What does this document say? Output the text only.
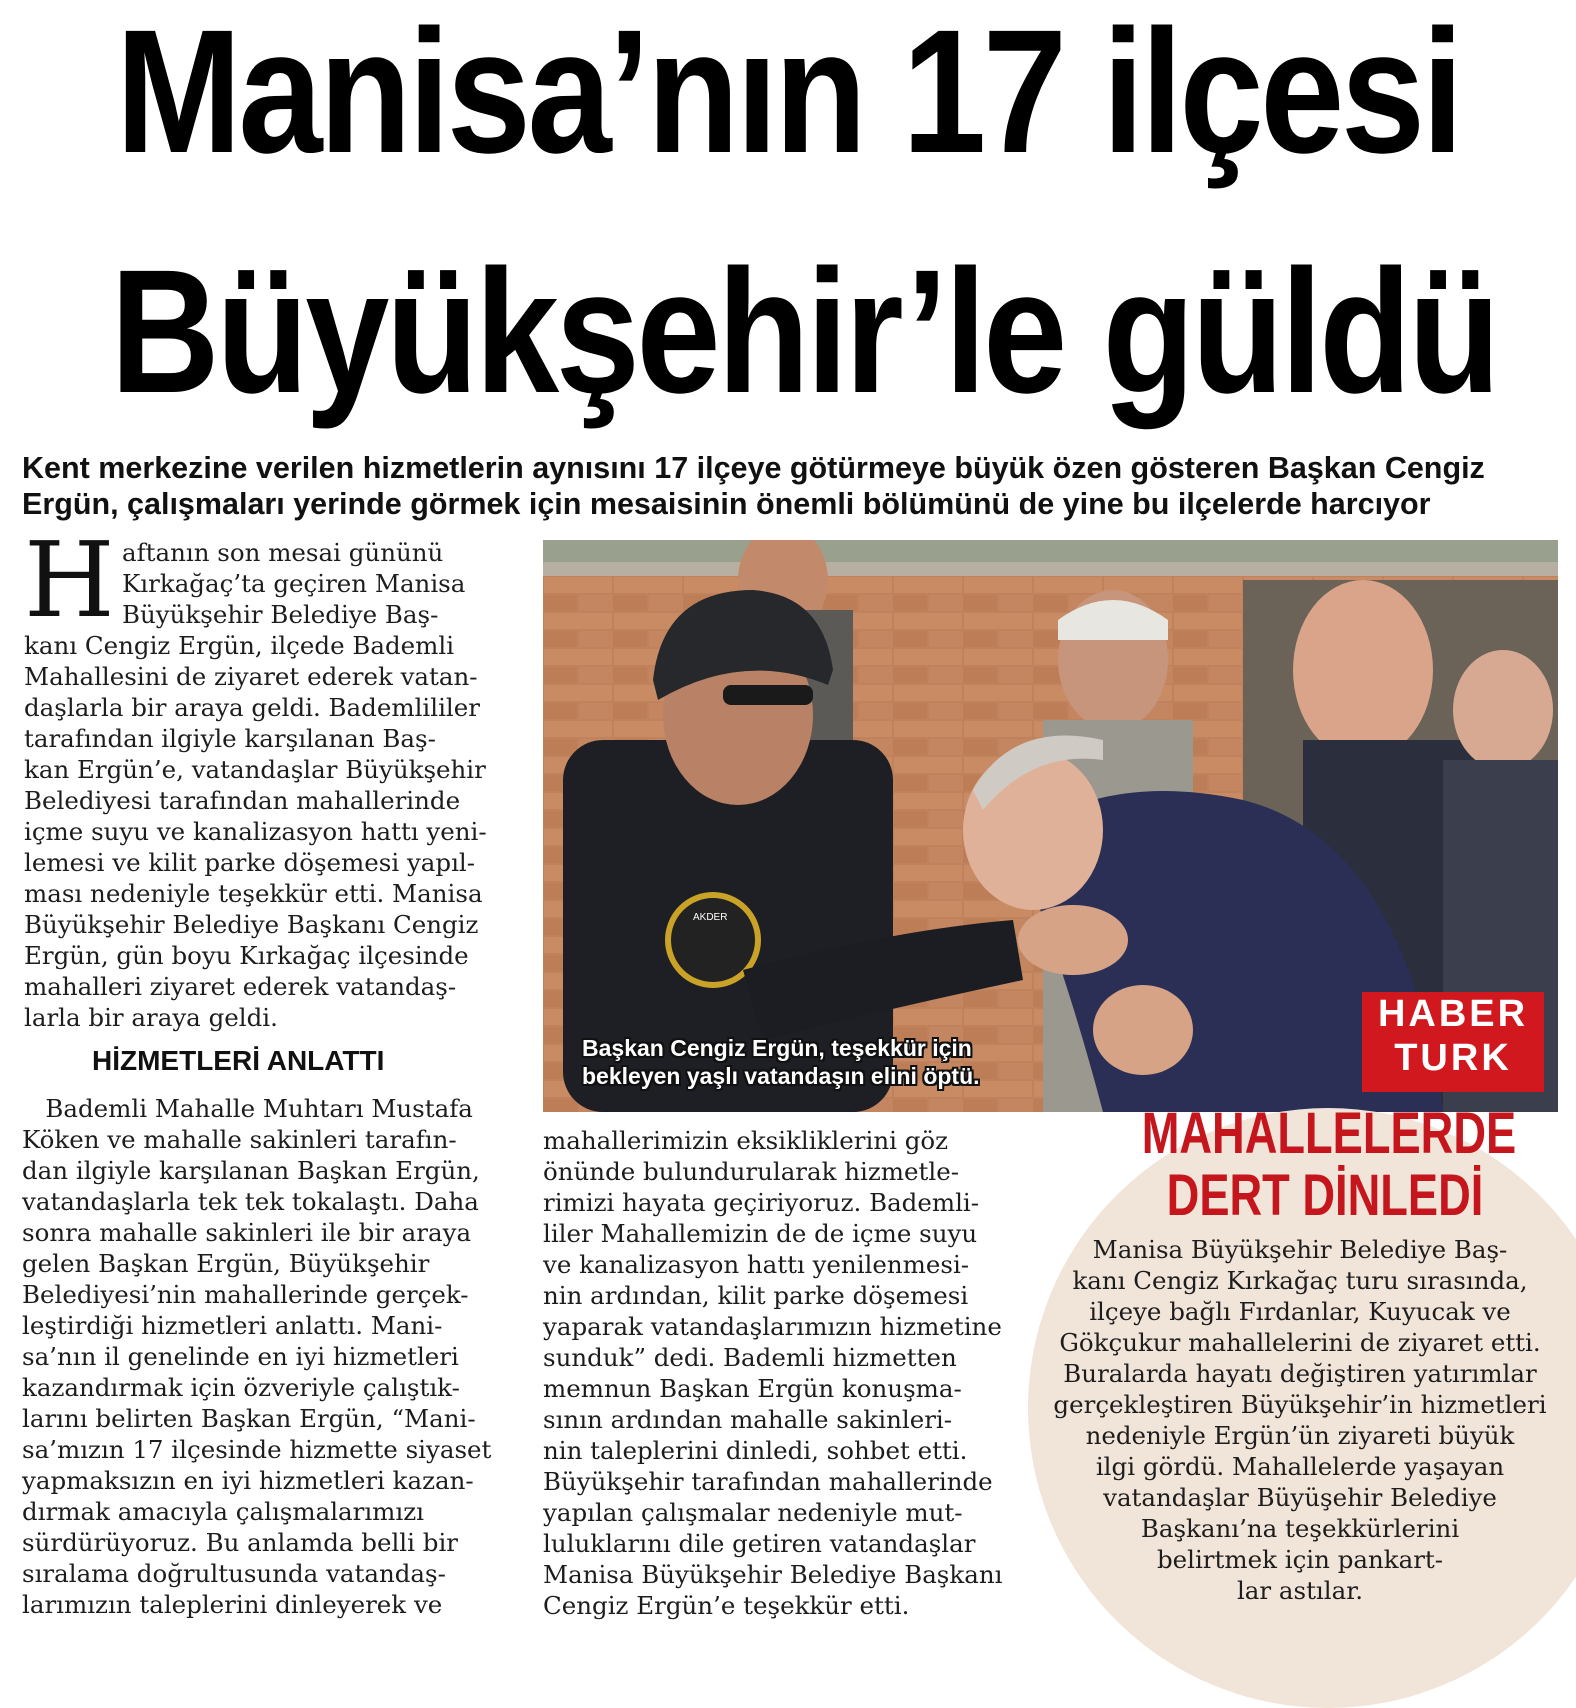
Manisa’nın 17 ilçesi
Büyükşehir’le güldü
Kent merkezine verilen hizmetlerin aynısını 17 ilçeye götürmeye büyük özen gösteren Başkan Cengiz
Ergün, çalışmaları yerinde görmek için mesaisinin önemli bölümünü de yine bu ilçelerde harcıyor
H aftanın son mesai gününü
Kırkağaç’ta geçiren Manisa
Büyükşehir Belediye Baş-
kanı Cengiz Ergün, ilçede Bademli
Mahallesini de ziyaret ederek vatan-
daşlarla bir araya geldi. Bademlililer
tarafından ilgiyle karşılanan Baş-
kan Ergün’e, vatandaşlar Büyükşehir
Belediyesi tarafından mahallerinde
içme suyu ve kanalizasyon hattı yeni-
lemesi ve kilit parke döşemesi yapıl-
ması nedeniyle teşekkür etti. Manisa
Büyükşehir Belediye Başkanı Cengiz
Ergün, gün boyu Kırkağaç ilçesinde
mahalleri ziyaret ederek vatandaş-
larla bir araya geldi.
HİZMETLERİ ANLATTI
Bademli Mahalle Muhtarı Mustafa
Köken ve mahalle sakinleri tarafın-
dan ilgiyle karşılanan Başkan Ergün,
vatandaşlarla tek tek tokalaştı. Daha
sonra mahalle sakinleri ile bir araya
gelen Başkan Ergün, Büyükşehir
Belediyesi’nin mahallerinde gerçek-
leştirdiği hizmetleri anlattı. Mani-
sa’nın il genelinde en iyi hizmetleri
kazandırmak için özveriyle çalıştık-
larını belirten Başkan Ergün, “Mani-
sa’mızın 17 ilçesinde hizmette siyaset
yapmaksızın en iyi hizmetleri kazan-
dırmak amacıyla çalışmalarımızı
sürdürüyoruz. Bu anlamda belli bir
sıralama doğrultusunda vatandaş-
larımızın taleplerini dinleyerek ve
AKDER
Başkan Cengiz Ergün, teşekkür için
bekleyen yaşlı vatandaşın elini öptü.
HABER
TURK
mahallerimizin eksikliklerini göz
önünde bulundurularak hizmetle-
rimizi hayata geçiriyoruz. Bademli-
liler Mahallemizin de de içme suyu
ve kanalizasyon hattı yenilenmesi-
nin ardından, kilit parke döşemesi
yaparak vatandaşlarımızın hizmetine
sunduk” dedi. Bademli hizmetten
memnun Başkan Ergün konuşma-
sının ardından mahalle sakinleri-
nin taleplerini dinledi, sohbet etti.
Büyükşehir tarafından mahallerinde
yapılan çalışmalar nedeniyle mut-
luluklarını dile getiren vatandaşlar
Manisa Büyükşehir Belediye Başkanı
Cengiz Ergün’e teşekkür etti.
MAHALLELERDE
DERT DİNLEDİ
Manisa Büyükşehir Belediye Baş-
kanı Cengiz Kırkağaç turu sırasında,
ilçeye bağlı Fırdanlar, Kuyucak ve
Gökçukur mahallelerini de ziyaret etti.
Buralarda hayatı değiştiren yatırımlar
gerçekleştiren Büyükşehir’in hizmetleri
nedeniyle Ergün’ün ziyareti büyük
ilgi gördü. Mahallelerde yaşayan
vatandaşlar Büyüşehir Belediye
Başkanı’na teşekkürlerini
belirtmek için pankart-
lar astılar.
